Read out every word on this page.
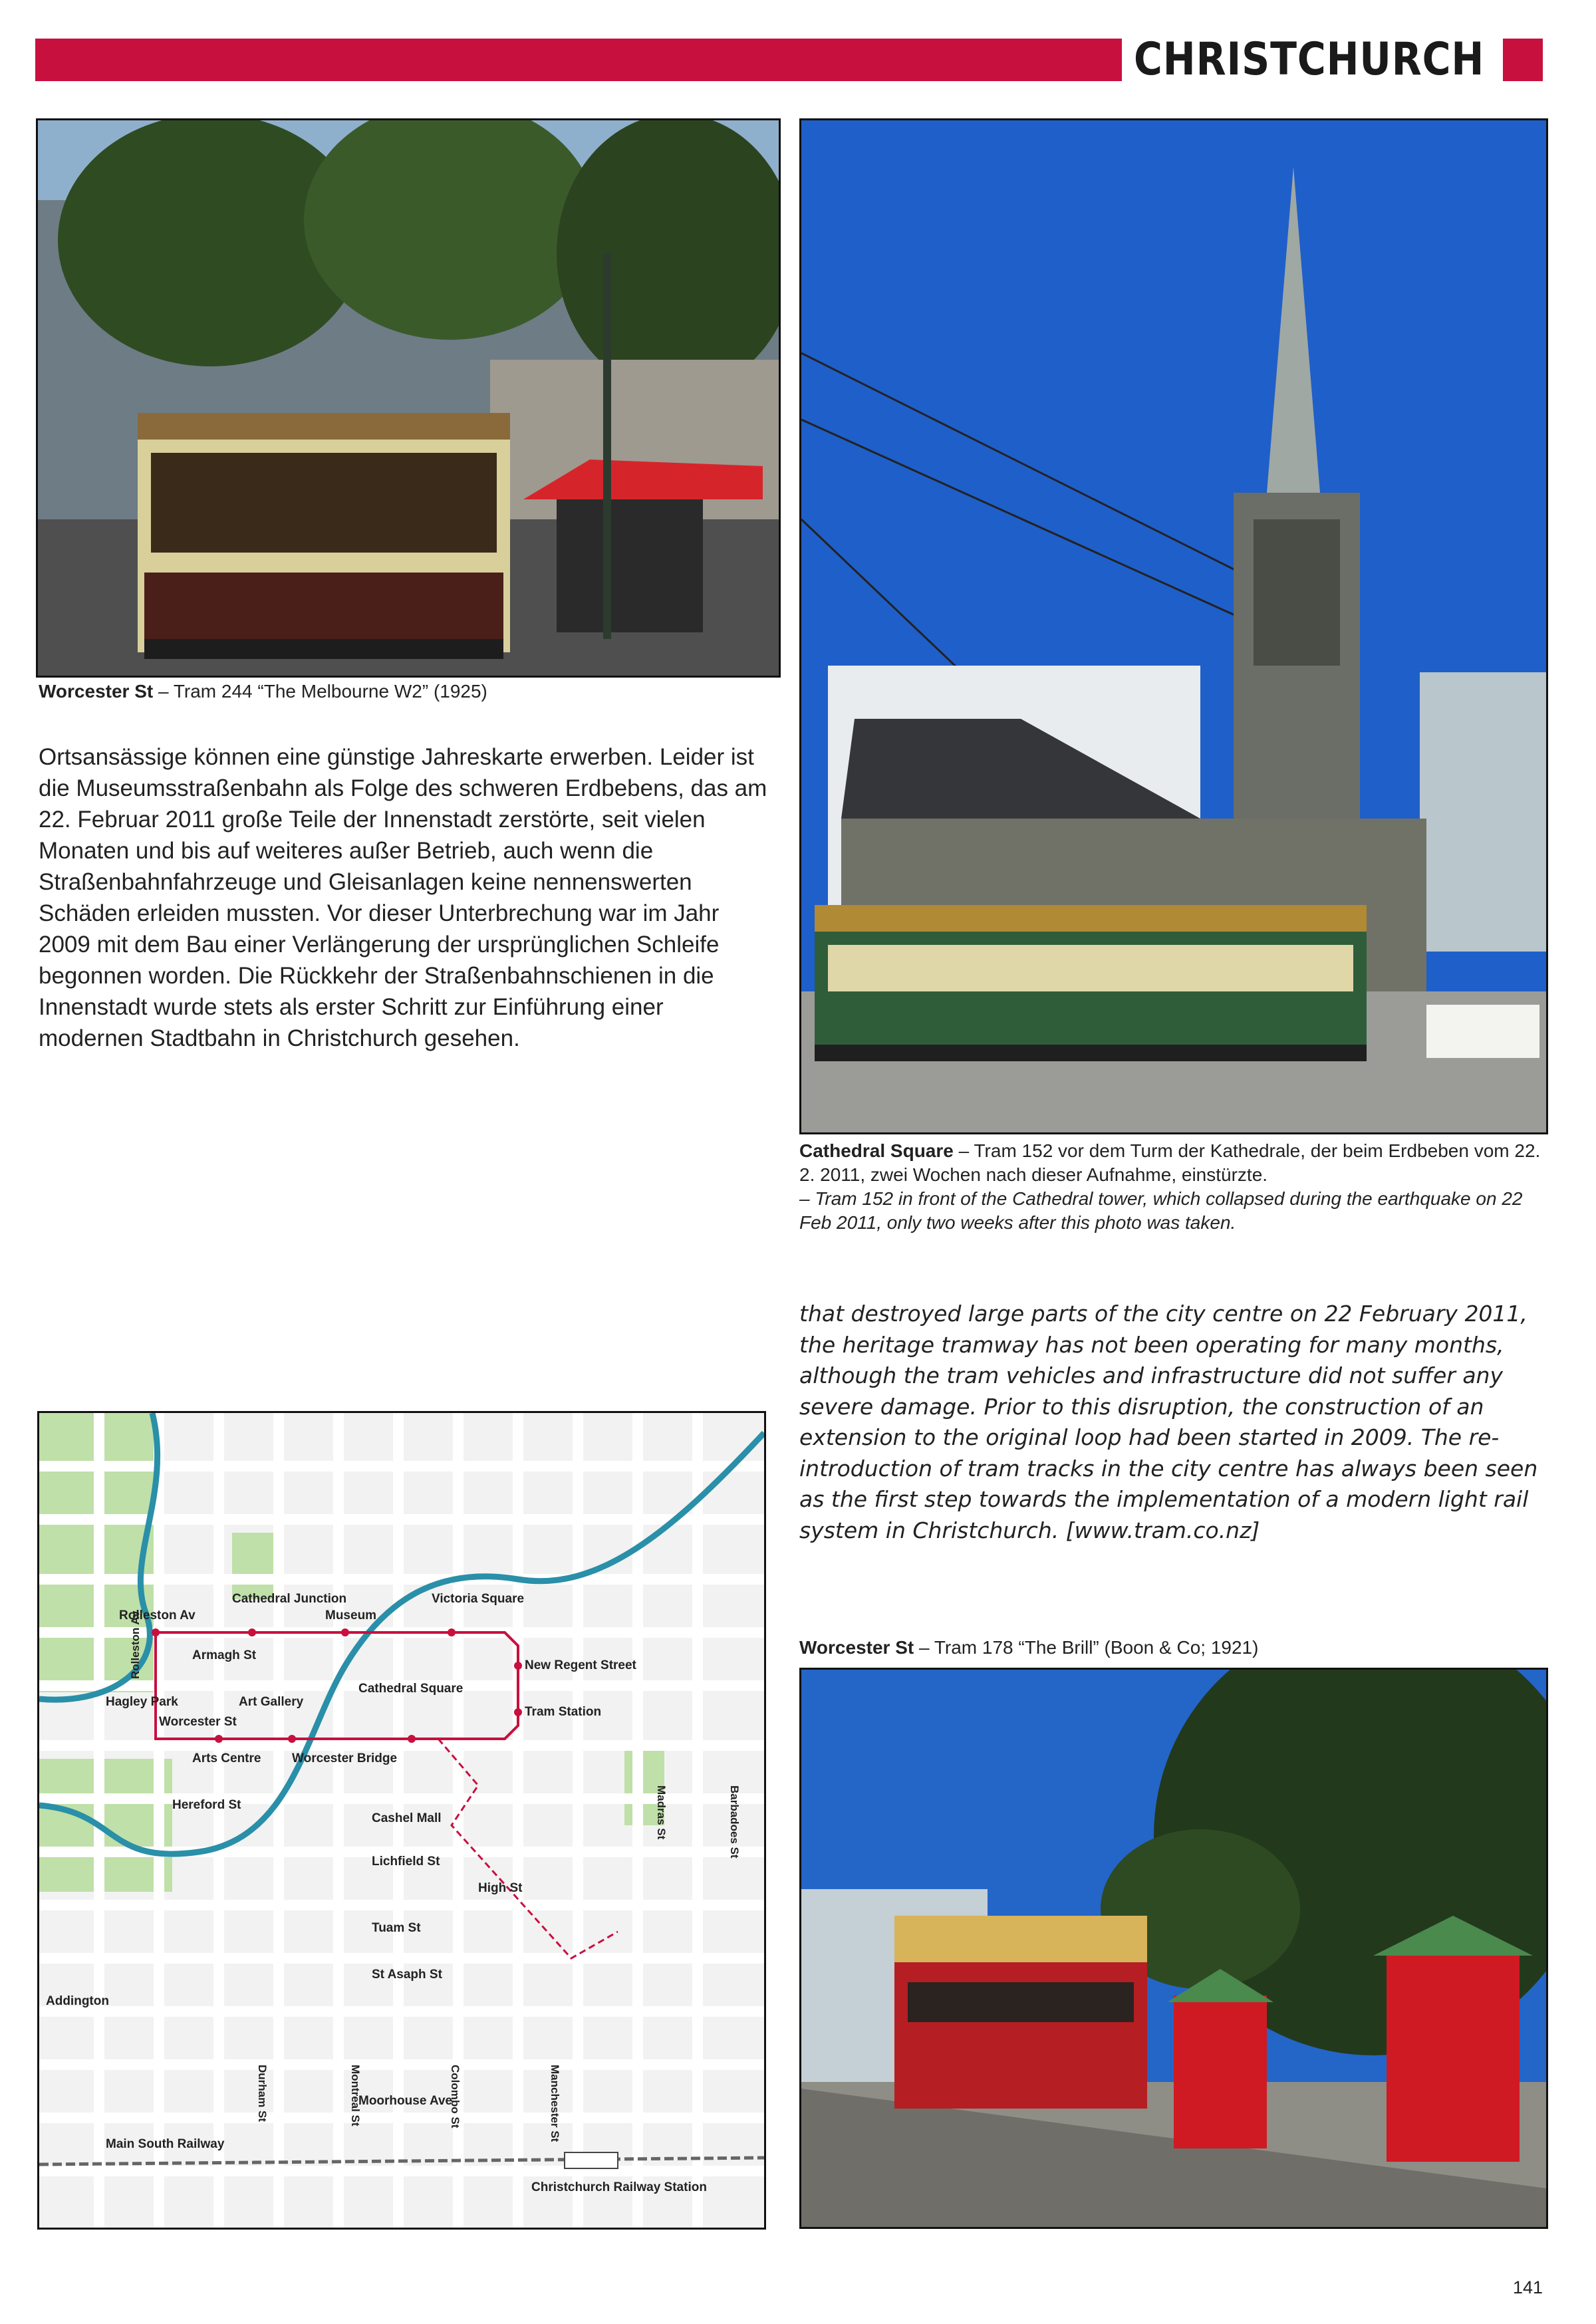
CHRISTCHURCH
Worcester St – Tram 244 “The Melbourne W2” (1925)
Ortsansässige können eine günstige Jahreskarte erwerben. Leider ist die Museumsstraßenbahn als Folge des schweren Erdbebens, das am 22. Februar 2011 große Teile der Innenstadt zerstörte, seit vielen Monaten und bis auf weiteres außer Betrieb, auch wenn die Straßenbahnfahrzeuge und Gleisanlagen keine nennenswerten Schäden erleiden mussten. Vor dieser Unterbrechung war im Jahr 2009 mit dem Bau einer Verlängerung der ursprünglichen Schleife begonnen worden. Die Rückkehr der Straßenbahnschienen in die Innenstadt wurde stets als erster Schritt zur Einführung einer modernen Stadtbahn in Christchurch gesehen.
Cathedral Square – Tram 152 vor dem Turm der Kathedrale, der beim Erdbeben vom 22. 2. 2011, zwei Wochen nach dieser Aufnahme, einstürzte.
– Tram 152 in front of the Cathedral tower, which collapsed during the earthquake on 22 Feb 2011, only two weeks after this photo was taken.
that destroyed large parts of the city centre on 22 February 2011, the heritage tramway has not been operating for many months, although the tram vehicles and infrastructure did not suffer any severe damage. Prior to this disruption, the construction of an extension to the original loop had been started in 2009. The re-introduction of tram tracks in the city centre has always been seen as the first step towards the implementation of a modern light rail system in Christchurch. [www.tram.co.nz]
Worcester St – Tram 178 “The Brill” (Boon & Co; 1921)
Rolleston Av
Cathedral Junction
Museum
Victoria Square
Armagh St
New Regent Street
Cathedral Square
Tram Station
Art Gallery
Worcester Bridge
Arts Centre
Worcester St
Hereford St
Cashel Mall
Lichfield St
Tuam St
St Asaph St
Moorhouse Ave
Hagley Park
Addington
Main South Railway
Christchurch Railway Station
High St
Durham St	Montreal St	Colombo St	Manchester St
Madras St	Barbadoes St
Rolleston Av
141
